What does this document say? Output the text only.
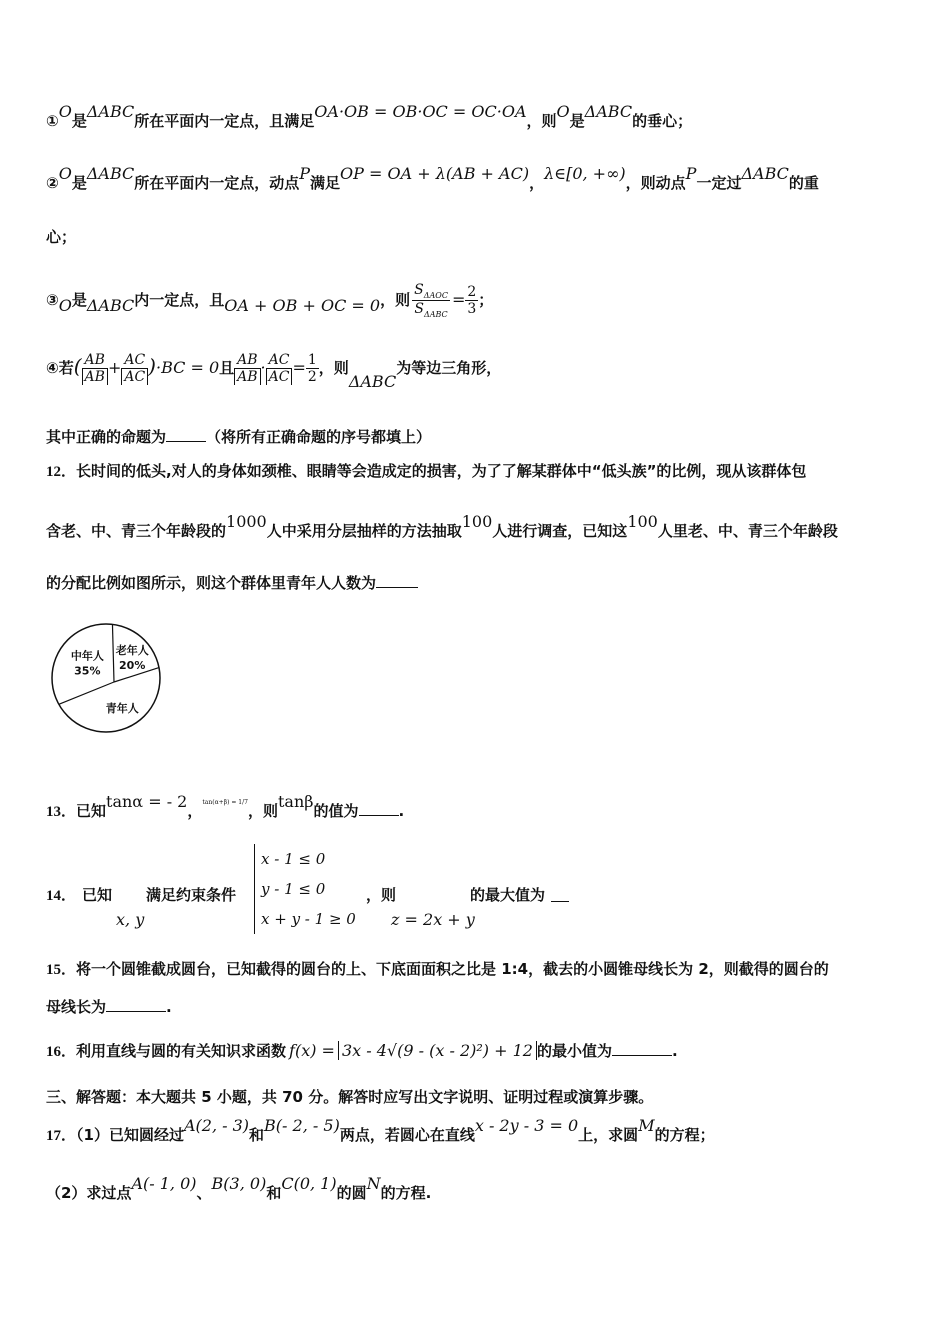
①O是ΔABC所在平面内一定点，且满足OA·OB = OB·OC = OC·OA，则O是ΔABC的垂心；
②O是ΔABC所在平面内一定点，动点P满足OP = OA + λ(AB + AC)，λ∈[0, +∞)，则动点P一定过ΔABC的重
心；
③O是ΔABC内一定点，且OA + OB + OC = 0，则 $\frac{S_{\Delta AOC}}{S_{\Delta ABC}} = \frac{2}{3}$ ；
④若( $\frac{AB}{AB} + \frac{AC}{AC} )\cdot BC = 0$且 $\frac{AB}{AB} \cdot \frac{AC}{AC} = \frac{1}{2}$ ，则ΔABC为等边三角形，
其中正确的命题为	（将所有正确命题的序号都填上）
12．长时间的低头,对人的身体如颈椎、眼睛等会造成定的损害，为了了解某群体中“低头族”的比例，现从该群体包
含老、中、青三个年龄段的1000人中采用分层抽样的方法抽取100人进行调查，已知这100人里老、中、青三个年龄段
的分配比例如图所示，则这个群体里青年人人数为
老年人
20%
青年人
中年人
35%
13．已知tanα = - 2，$^{tan(\alpha+\beta) = 1/7}$，则tanβ的值为	.
14． 已知
x, y
满足约束条件
x - 1 ≤ 0
y - 1 ≤ 0
x + y - 1 ≥ 0
，则
z = 2x + y
的最大值为
15．将一个圆锥截成圆台，已知截得的圆台的上、下底面面积之比是 1:4，截去的小圆锥母线长为 2，则截得的圆台的
母线长为	.
16．利用直线与圆的有关知识求函数 f(x) = 3x - 4√(9 - (x - 2)²) + 12 的最小值为	.
三、解答题：本大题共 5 小题，共 70 分。解答时应写出文字说明、证明过程或演算步骤。
17．（1）已知圆经过A(2, - 3)和B(- 2, - 5)两点，若圆心在直线x - 2y - 3 = 0上，求圆M的方程；
（2）求过点A(- 1, 0)、B(3, 0)和C(0, 1)的圆N的方程.
